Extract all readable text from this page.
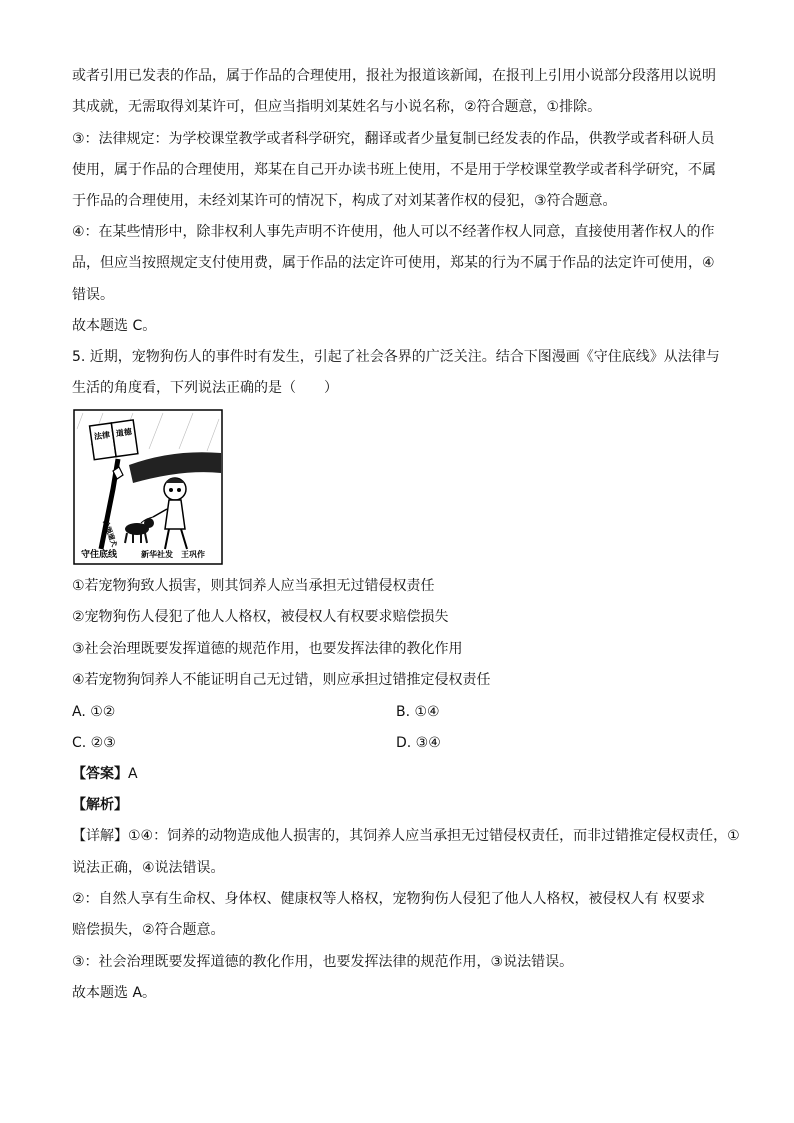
或者引用已发表的作品，属于作品的合理使用，报社为报道该新闻，在报刊上引用小说部分段落用以说明
其成就，无需取得刘某许可，但应当指明刘某姓名与小说名称，②符合题意，①排除。
③：法律规定：为学校课堂教学或者科学研究，翻译或者少量复制已经发表的作品，供教学或者科研人员
使用，属于作品的合理使用，郑某在自己开办读书班上使用，不是用于学校课堂教学或者科学研究，不属
于作品的合理使用，未经刘某许可的情况下，构成了对刘某著作权的侵犯，③符合题意。
④：在某些情形中，除非权利人事先声明不许使用，他人可以不经著作权人同意，直接使用著作权人的作
品，但应当按照规定支付使用费，属于作品的法定许可使用，郑某的行为不属于作品的法定许可使用，④
错误。
故本题选 C。
5. 近期，宠物狗伤人的事件时有发生，引起了社会各界的广泛关注。结合下图漫画《守住底线》从法律与
生活的角度看，下列说法正确的是（　　）
法律 道德
拴绳遛犬
守住底线	新华社发　王巩作
①若宠物狗致人损害，则其饲养人应当承担无过错侵权责任
②宠物狗伤人侵犯了他人人格权，被侵权人有权要求赔偿损失
③社会治理既要发挥道德的规范作用，也要发挥法律的教化作用
④若宠物狗饲养人不能证明自己无过错，则应承担过错推定侵权责任
A. ①②	B. ①④
C. ②③	D. ③④
【答案】A
【解析】
【详解】①④：饲养的动物造成他人损害的，其饲养人应当承担无过错侵权责任，而非过错推定侵权责任，①
说法正确，④说法错误。
②：自然人享有生命权、身体权、健康权等人格权，宠物狗伤人侵犯了他人人格权，被侵权人有 权要求
赔偿损失，②符合题意。
③：社会治理既要发挥道德的教化作用，也要发挥法律的规范作用，③说法错误。
故本题选 A。
